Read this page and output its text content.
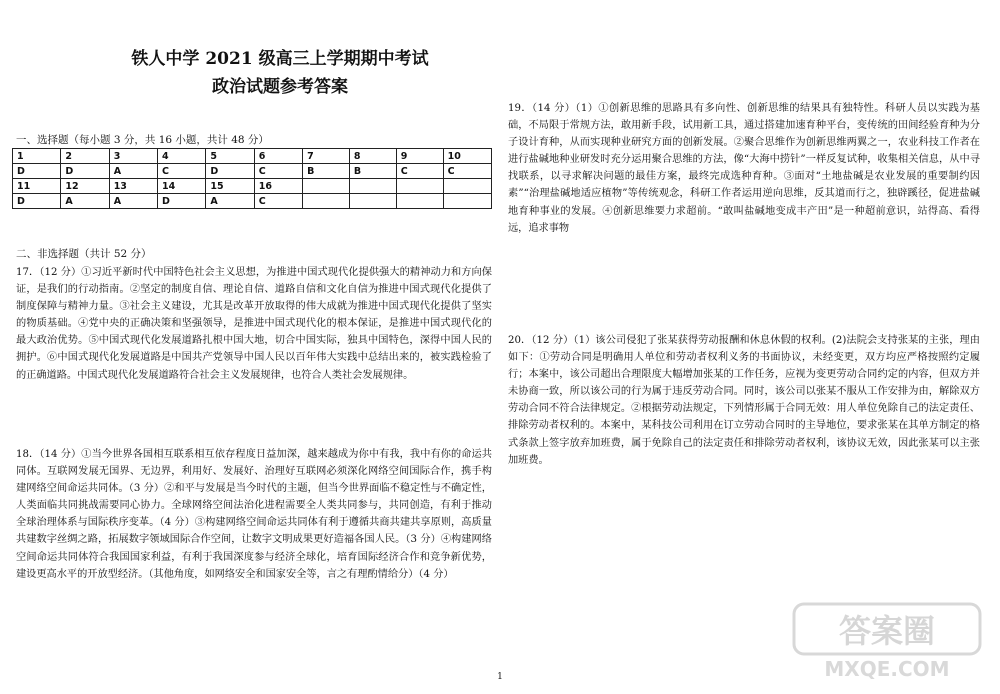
铁人中学 2021 级高三上学期期中考试
政治试题参考答案
一、选择题（每小题 3 分，共 16 小题，共计 48 分）
1	2	3	4	5	6	7	8	9	10
D	D	A	C	D	C	B	B	C	C
11	12	13	14	15	16				
D	A	A	D	A	C				
二、非选择题（共计 52 分）
17．（12 分）①习近平新时代中国特色社会主义思想，为推进中国式现代化提供强大的精神动力和方向保证，是我们的行动指南。②坚定的制度自信、理论自信、道路自信和文化自信为推进中国式现代化提供了制度保障与精神力量。③社会主义建设，尤其是改革开放取得的伟大成就为推进中国式现代化提供了坚实的物质基础。④党中央的正确决策和坚强领导，是推进中国式现代化的根本保证，是推进中国式现代化的最大政治优势。⑤中国式现代化发展道路扎根中国大地，切合中国实际，独具中国特色，深得中国人民的拥护。⑥中国式现代化发展道路是中国共产党领导中国人民以百年伟大实践中总结出来的，被实践检验了的正确道路。中国式现代化发展道路符合社会主义发展规律，也符合人类社会发展规律。
18．（14 分）①当今世界各国相互联系相互依存程度日益加深，越来越成为你中有我，我中有你的命运共同体。互联网发展无国界、无边界，利用好、发展好、治理好互联网必须深化网络空间国际合作，携手构建网络空间命运共同体。（3 分）②和平与发展是当今时代的主题，但当今世界面临不稳定性与不确定性，人类面临共同挑战需要同心协力。全球网络空间法治化进程需要全人类共同参与，共同创造，有利于推动全球治理体系与国际秩序变革。（4 分）③构建网络空间命运共同体有利于遵循共商共建共享原则，高质量共建数字丝绸之路，拓展数字领域国际合作空间，让数字文明成果更好造福各国人民。（3 分）④构建网络空间命运共同体符合我国国家利益，有利于我国深度参与经济全球化，培育国际经济合作和竞争新优势，建设更高水平的开放型经济。（其他角度，如网络安全和国家安全等，言之有理酌情给分）（4 分）
19．（14 分）（1）①创新思维的思路具有多向性、创新思维的结果具有独特性。科研人员以实践为基础，不局限于常规方法，敢用新手段，试用新工具，通过搭建加速育种平台，变传统的田间经验育种为分子设计育种，从而实现种业研究方面的创新发展。②聚合思维作为创新思维两翼之一，农业科技工作者在进行盐碱地种业研发时充分运用聚合思维的方法，像“大海中捞针”一样反复试种，收集相关信息，从中寻找联系，以寻求解决问题的最佳方案，最终完成选种育种。③面对“土地盐碱是农业发展的重要制约因素”“治理盐碱地适应植物”等传统观念，科研工作者运用逆向思维，反其道而行之，独辟蹊径，促进盐碱地育种事业的发展。④创新思维要力求超前。“敢叫盐碱地变成丰产田”是一种超前意识，站得高、看得远，追求事物
20．（12 分）（1）该公司侵犯了张某获得劳动报酬和休息休假的权利。(2)法院会支持张某的主张，理由如下：①劳动合同是明确用人单位和劳动者权利义务的书面协议，未经变更，双方均应严格按照约定履行；本案中，该公司超出合理限度大幅增加张某的工作任务，应视为变更劳动合同约定的内容，但双方并未协商一致，所以该公司的行为属于违反劳动合同。同时，该公司以张某不服从工作安排为由，解除双方劳动合同不符合法律规定。②根据劳动法规定，下列情形属于合同无效：用人单位免除自己的法定责任、排除劳动者权利的。本案中，某科技公司利用在订立劳动合同时的主导地位，要求张某在其单方制定的格式条款上签字放弃加班费，属于免除自己的法定责任和排除劳动者权利，该协议无效，因此张某可以主张加班费。
1
答案圈
MXQE.COM
